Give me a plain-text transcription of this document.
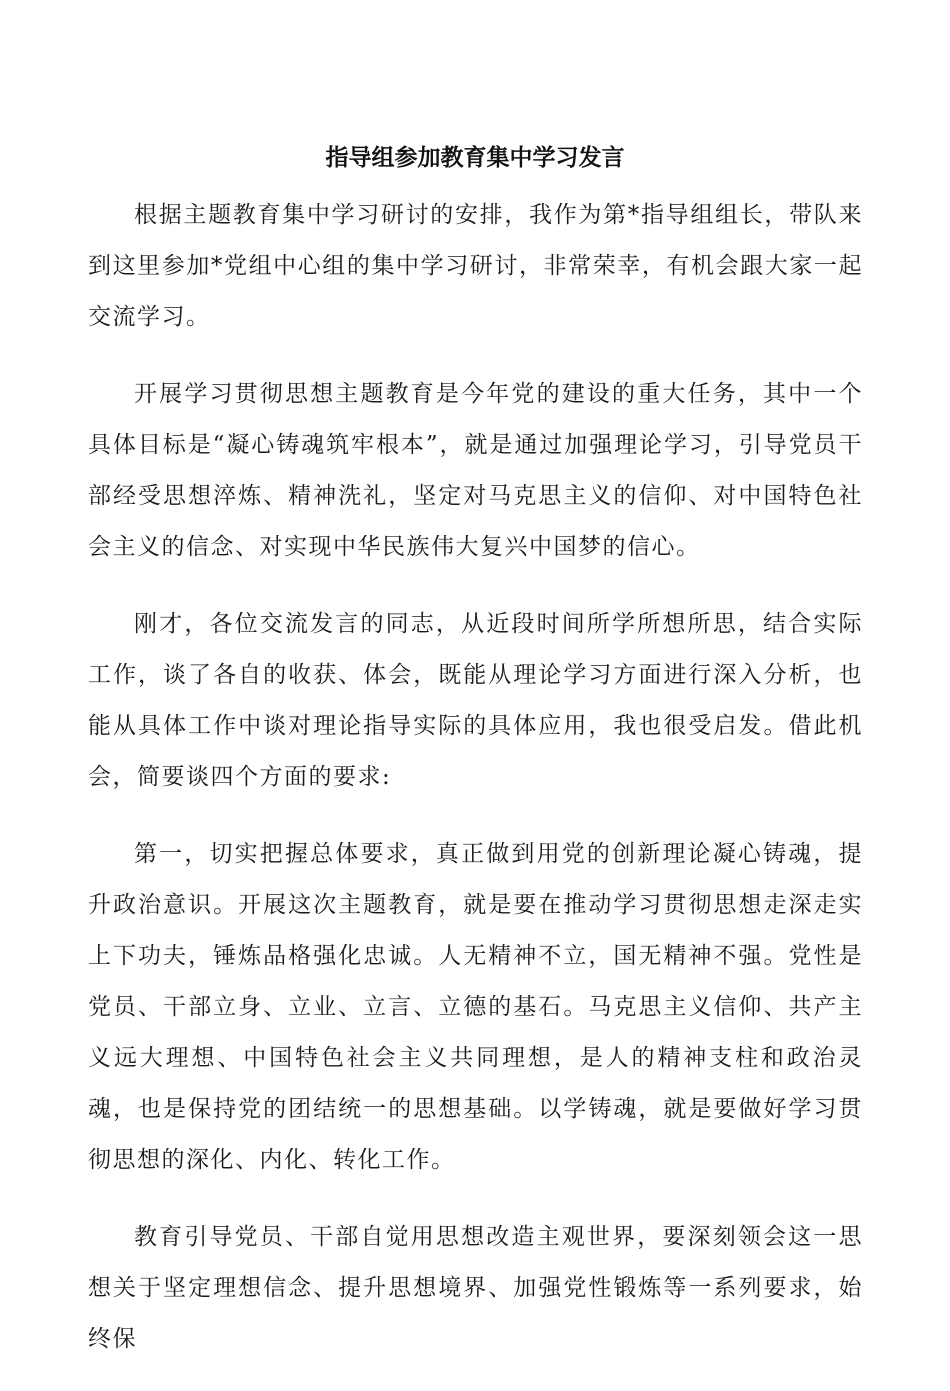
指导组参加教育集中学习发言

根据主题教育集中学习研讨的安排，我作为第*指导组组长，带队来到这里参加*党组中心组的集中学习研讨，非常荣幸，有机会跟大家一起交流学习。

开展学习贯彻思想主题教育是今年党的建设的重大任务，其中一个具体目标是“凝心铸魂筑牢根本”，就是通过加强理论学习，引导党员干部经受思想淬炼、精神洗礼，坚定对马克思主义的信仰、对中国特色社会主义的信念、对实现中华民族伟大复兴中国梦的信心。

刚才，各位交流发言的同志，从近段时间所学所想所思，结合实际工作，谈了各自的收获、体会，既能从理论学习方面进行深入分析，也能从具体工作中谈对理论指导实际的具体应用，我也很受启发。借此机会，简要谈四个方面的要求:

第一，切实把握总体要求，真正做到用党的创新理论凝心铸魂，提升政治意识。开展这次主题教育，就是要在推动学习贯彻思想走深走实上下功夫，锤炼品格强化忠诚。人无精神不立，国无精神不强。党性是党员、干部立身、立业、立言、立德的基石。马克思主义信仰、共产主义远大理想、中国特色社会主义共同理想，是人的精神支柱和政治灵魂，也是保持党的团结统一的思想基础。以学铸魂，就是要做好学习贯彻思想的深化、内化、转化工作。

教育引导党员、干部自觉用思想改造主观世界，要深刻领会这一思想关于坚定理想信念、提升思想境界、加强党性锻炼等一系列要求，始终保
